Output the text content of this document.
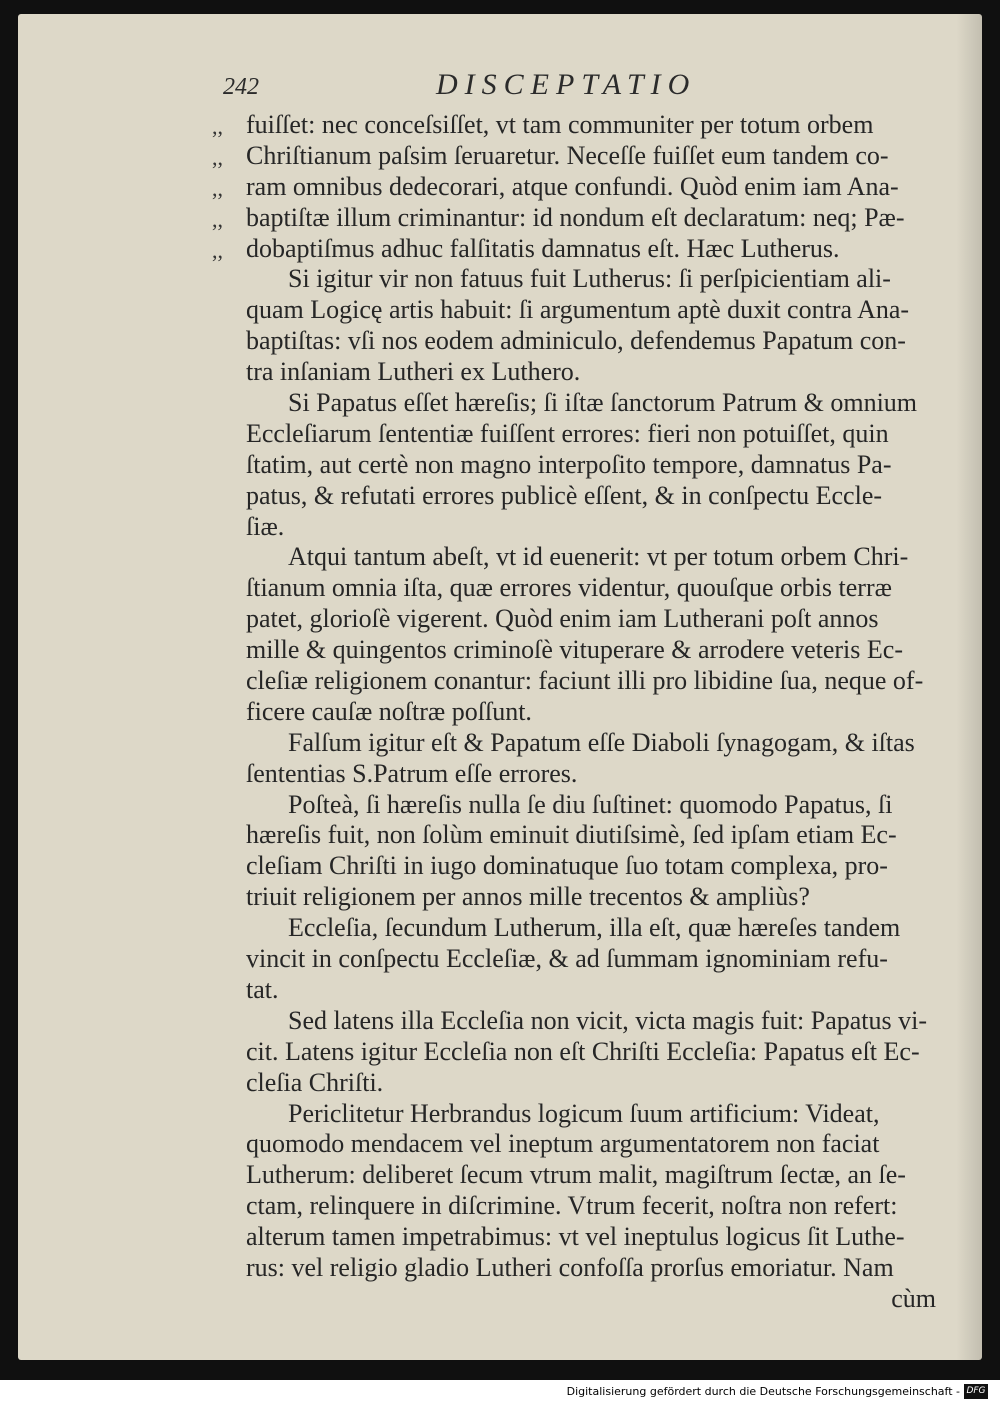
242	DISCEPTATIO
,, fuiſſet: nec conceſsiſſet, vt tam communiter per totum orbem
,, Chriſtianum paſsim ſeruaretur. Neceſſe fuiſſet eum tandem co-
,, ram omnibus dedecorari, atque confundi. Quòd enim iam Ana-
,, baptiſtæ illum criminantur: id nondum eſt declaratum: neq; Pæ-
,, dobaptiſmus adhuc falſitatis damnatus eſt. Hæc Lutherus.
Si igitur vir non fatuus fuit Lutherus: ſi perſpicientiam ali-
quam Logicę artis habuit: ſi argumentum aptè duxit contra Ana-
baptiſtas: vſi nos eodem adminiculo, defendemus Papatum con-
tra inſaniam Lutheri ex Luthero.
Si Papatus eſſet hæreſis; ſi iſtæ ſanctorum Patrum & omnium
Eccleſiarum ſententiæ fuiſſent errores: fieri non potuiſſet, quin
ſtatim, aut certè non magno interpoſito tempore, damnatus Pa-
patus, & refutati errores publicè eſſent, & in conſpectu Eccle-
ſiæ.
Atqui tantum abeſt, vt id euenerit: vt per totum orbem Chri-
ſtianum omnia iſta, quæ errores videntur, quouſque orbis terræ
patet, glorioſè vigerent. Quòd enim iam Lutherani poſt annos
mille & quingentos criminoſè vituperare & arrodere veteris Ec-
cleſiæ religionem conantur: faciunt illi pro libidine ſua, neque of-
ficere cauſæ noſtræ poſſunt.
Falſum igitur eſt & Papatum eſſe Diaboli ſynagogam, & iſtas
ſententias S.Patrum eſſe errores.
Poſteà, ſi hæreſis nulla ſe diu ſuſtinet: quomodo Papatus, ſi
hæreſis fuit, non ſolùm eminuit diutiſsimè, ſed ipſam etiam Ec-
cleſiam Chriſti in iugo dominatuque ſuo totam complexa, pro-
triuit religionem per annos mille trecentos & ampliùs?
Eccleſia, ſecundum Lutherum, illa eſt, quæ hæreſes tandem
vincit in conſpectu Eccleſiæ, & ad ſummam ignominiam refu-
tat.
Sed latens illa Eccleſia non vicit, victa magis fuit: Papatus vi-
cit. Latens igitur Eccleſia non eſt Chriſti Eccleſia: Papatus eſt Ec-
cleſia Chriſti.
Periclitetur Herbrandus logicum ſuum artificium: Videat,
quomodo mendacem vel ineptum argumentatorem non faciat
Lutherum: deliberet ſecum vtrum malit, magiſtrum ſectæ, an ſe-
ctam, relinquere in diſcrimine. Vtrum fecerit, noſtra non refert:
alterum tamen impetrabimus: vt vel ineptulus logicus ſit Luthe-
rus: vel religio gladio Lutheri confoſſa prorſus emoriatur. Nam
cùm
Digitalisierung gefördert durch die Deutsche Forschungsgemeinschaft - DFG
